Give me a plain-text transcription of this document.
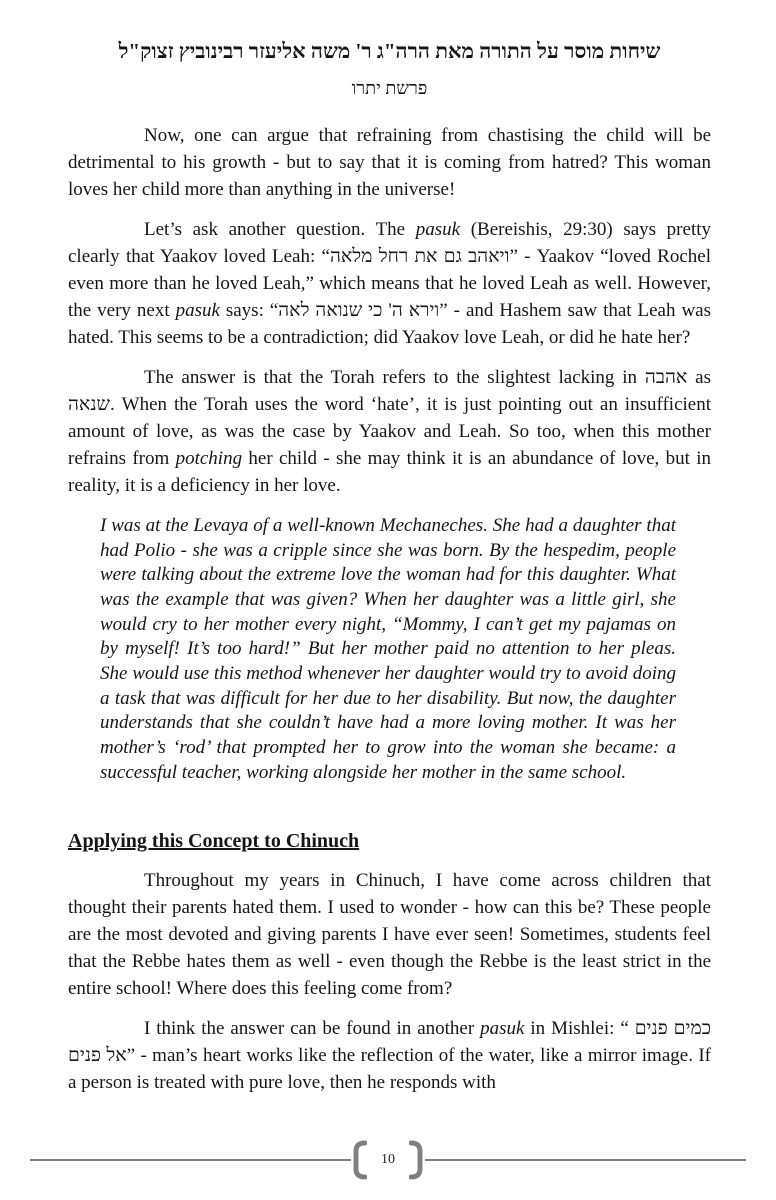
שיחות מוסר על התורה מאת הרה"ג ר' משה אליעזר רבינוביץ זצוק"ל
פרשת יתרו

Now, one can argue that refraining from chastising the child will be detrimental to his growth - but to say that it is coming from hatred? This woman loves her child more than anything in the universe!

Let’s ask another question. The pasuk (Bereishis, 29:30) says pretty clearly that Yaakov loved Leah: “ויאהב גם את רחל מלאה” - Yaakov “loved Rochel even more than he loved Leah,” which means that he loved Leah as well. However, the very next pasuk says: “וירא ה' כי שנואה לאה” - and Hashem saw that Leah was hated. This seems to be a contradiction; did Yaakov love Leah, or did he hate her?

The answer is that the Torah refers to the slightest lacking in אהבה as שנאה. When the Torah uses the word ‘hate’, it is just pointing out an insufficient amount of love, as was the case by Yaakov and Leah. So too, when this mother refrains from potching her child - she may think it is an abundance of love, but in reality, it is a deficiency in her love.

I was at the Levaya of a well-known Mechaneches. She had a daughter that had Polio - she was a cripple since she was born. By the hespedim, people were talking about the extreme love the woman had for this daughter. What was the example that was given? When her daughter was a little girl, she would cry to her mother every night, “Mommy, I can’t get my pajamas on by myself! It’s too hard!” But her mother paid no attention to her pleas. She would use this method whenever her daughter would try to avoid doing a task that was difficult for her due to her disability. But now, the daughter understands that she couldn’t have had a more loving mother. It was her mother’s ‘rod’ that prompted her to grow into the woman she became: a successful teacher, working alongside her mother in the same school.

Applying this Concept to Chinuch

Throughout my years in Chinuch, I have come across children that thought their parents hated them. I used to wonder - how can this be? These people are the most devoted and giving parents I have ever seen! Sometimes, students feel that the Rebbe hates them as well - even though the Rebbe is the least strict in the entire school! Where does this feeling come from?

I think the answer can be found in another pasuk in Mishlei: “ כמים פנים אל פנים” - man’s heart works like the reflection of the water, like a mirror image. If a person is treated with pure love, then he responds with

10
